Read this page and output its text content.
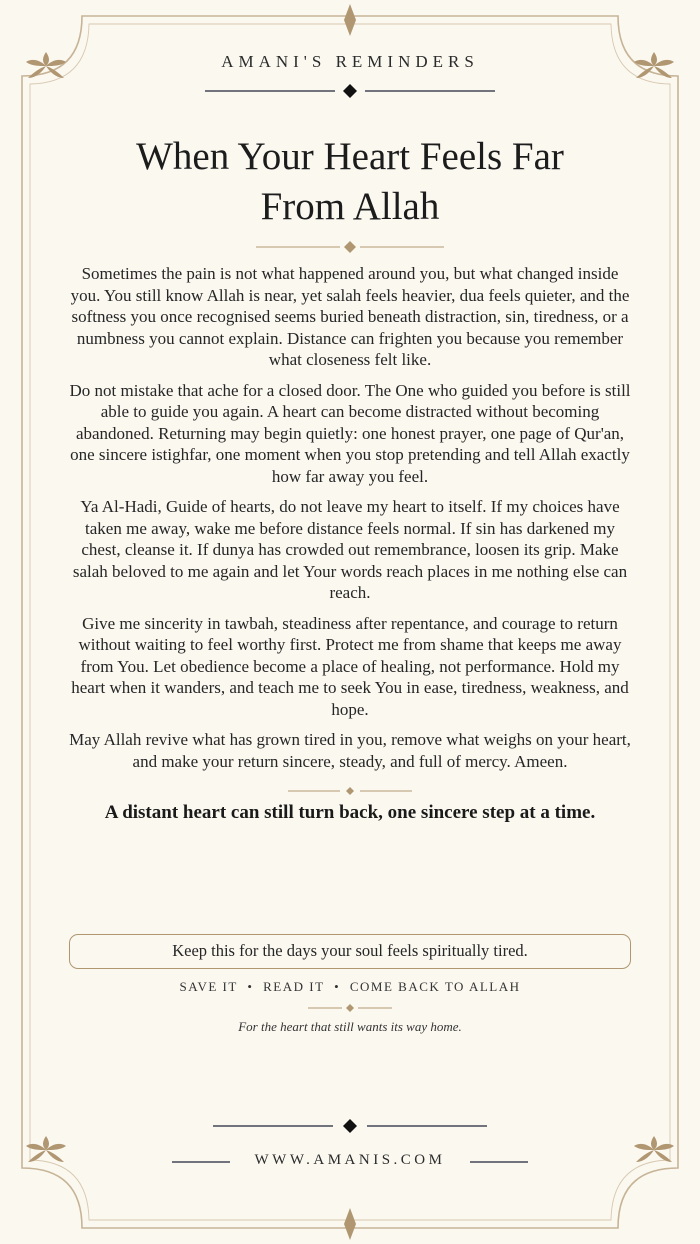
AMANI'S REMINDERS
When Your Heart Feels Far
From Allah

Sometimes the pain is not what happened around you, but what changed inside you. You still know Allah is near, yet salah feels heavier, dua feels quieter, and the softness you once recognised seems buried beneath distraction, sin, tiredness, or a numbness you cannot explain. Distance can frighten you because you remember what closeness felt like.

Do not mistake that ache for a closed door. The One who guided you before is still able to guide you again. A heart can become distracted without becoming abandoned. Returning may begin quietly: one honest prayer, one page of Qur'an, one sincere istighfar, one moment when you stop pretending and tell Allah exactly how far away you feel.

Ya Al-Hadi, Guide of hearts, do not leave my heart to itself. If my choices have taken me away, wake me before distance feels normal. If sin has darkened my chest, cleanse it. If dunya has crowded out remembrance, loosen its grip. Make salah beloved to me again and let Your words reach places in me nothing else can reach.

Give me sincerity in tawbah, steadiness after repentance, and courage to return without waiting to feel worthy first. Protect me from shame that keeps me away from You. Let obedience become a place of healing, not performance. Hold my heart when it wanders, and teach me to seek You in ease, tiredness, weakness, and hope.

May Allah revive what has grown tired in you, remove what weighs on your heart, and make your return sincere, steady, and full of mercy. Ameen.

A distant heart can still turn back, one sincere step at a time.
Keep this for the days your soul feels spiritually tired.
SAVE IT • READ IT • COME BACK TO ALLAH
For the heart that still wants its way home.
WWW.AMANIS.COM
